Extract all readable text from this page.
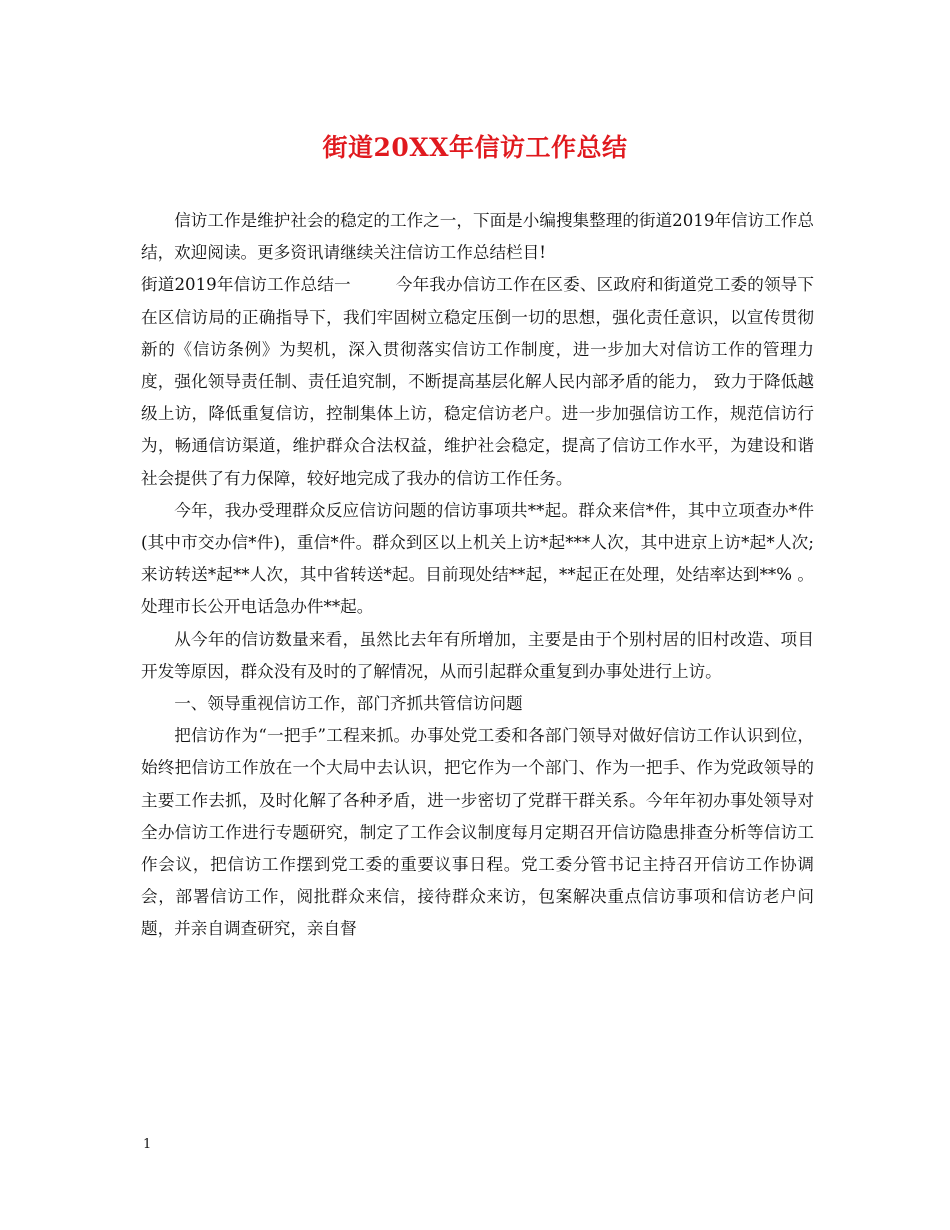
街道20XX年信访工作总结

信访工作是维护社会的稳定的工作之一，下面是小编搜集整理的街道2019年信访工作总结，欢迎阅读。更多资讯请继续关注信访工作总结栏目!

街道2019年信访工作总结一	今年我办信访工作在区委、区政府和街道党工委的领导下在区信访局的正确指导下，我们牢固树立稳定压倒一切的思想，强化责任意识，以宣传贯彻新的《信访条例》为契机，深入贯彻落实信访工作制度，进一步加大对信访工作的管理力度，强化领导责任制、责任追究制，不断提高基层化解人民内部矛盾的能力， 致力于降低越级上访，降低重复信访，控制集体上访，稳定信访老户。进一步加强信访工作，规范信访行为，畅通信访渠道，维护群众合法权益，维护社会稳定，提高了信访工作水平，为建设和谐社会提供了有力保障，较好地完成了我办的信访工作任务。

今年，我办受理群众反应信访问题的信访事项共**起。群众来信*件，其中立项查办*件(其中市交办信*件)，重信*件。群众到区以上机关上访*起***人次，其中进京上访*起*人次;来访转送*起**人次，其中省转送*起。目前现处结**起，**起正在处理，处结率达到**% 。处理市长公开电话急办件**起。

从今年的信访数量来看，虽然比去年有所增加，主要是由于个别村居的旧村改造、项目开发等原因，群众没有及时的了解情况，从而引起群众重复到办事处进行上访。

一、领导重视信访工作，部门齐抓共管信访问题

把信访作为“一把手”工程来抓。办事处党工委和各部门领导对做好信访工作认识到位，始终把信访工作放在一个大局中去认识，把它作为一个部门、作为一把手、作为党政领导的主要工作去抓，及时化解了各种矛盾，进一步密切了党群干群关系。今年年初办事处领导对全办信访工作进行专题研究，制定了工作会议制度每月定期召开信访隐患排查分析等信访工作会议，把信访工作摆到党工委的重要议事日程。党工委分管书记主持召开信访工作协调会，部署信访工作，阅批群众来信，接待群众来访，包案解决重点信访事项和信访老户问题，并亲自调查研究，亲自督

1
